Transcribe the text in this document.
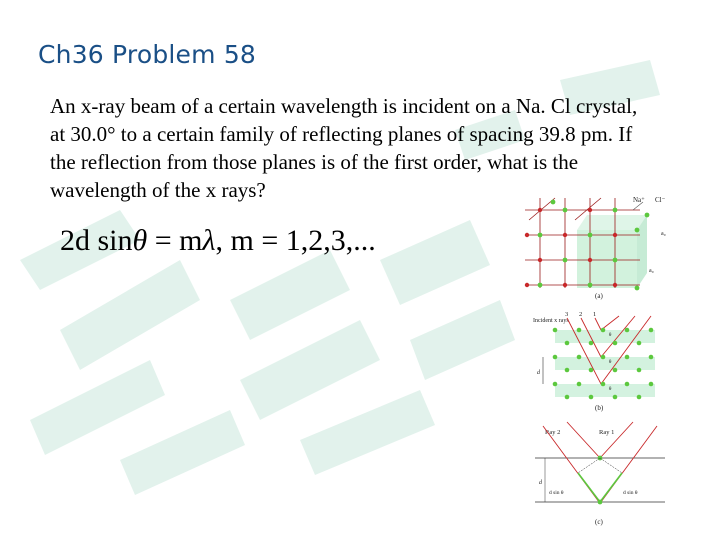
Ch36 Problem 58
An x-ray beam of a certain wavelength is incident on a Na. Cl crystal, at 30.0° to a certain family of reflecting planes of spacing 39.8 pm. If the reflection from those planes is of the first order, what is the wavelength of the x rays?
2d sinθ = mλ, m = 1,2,3,...
Na⁺ Cl⁻
a₀
a₀
(a)
3 2 1
Incident x rays
d
θ
θ
θ
(b)
Ray 2	Ray 1
d
d sin θ	d sin θ
(c)
